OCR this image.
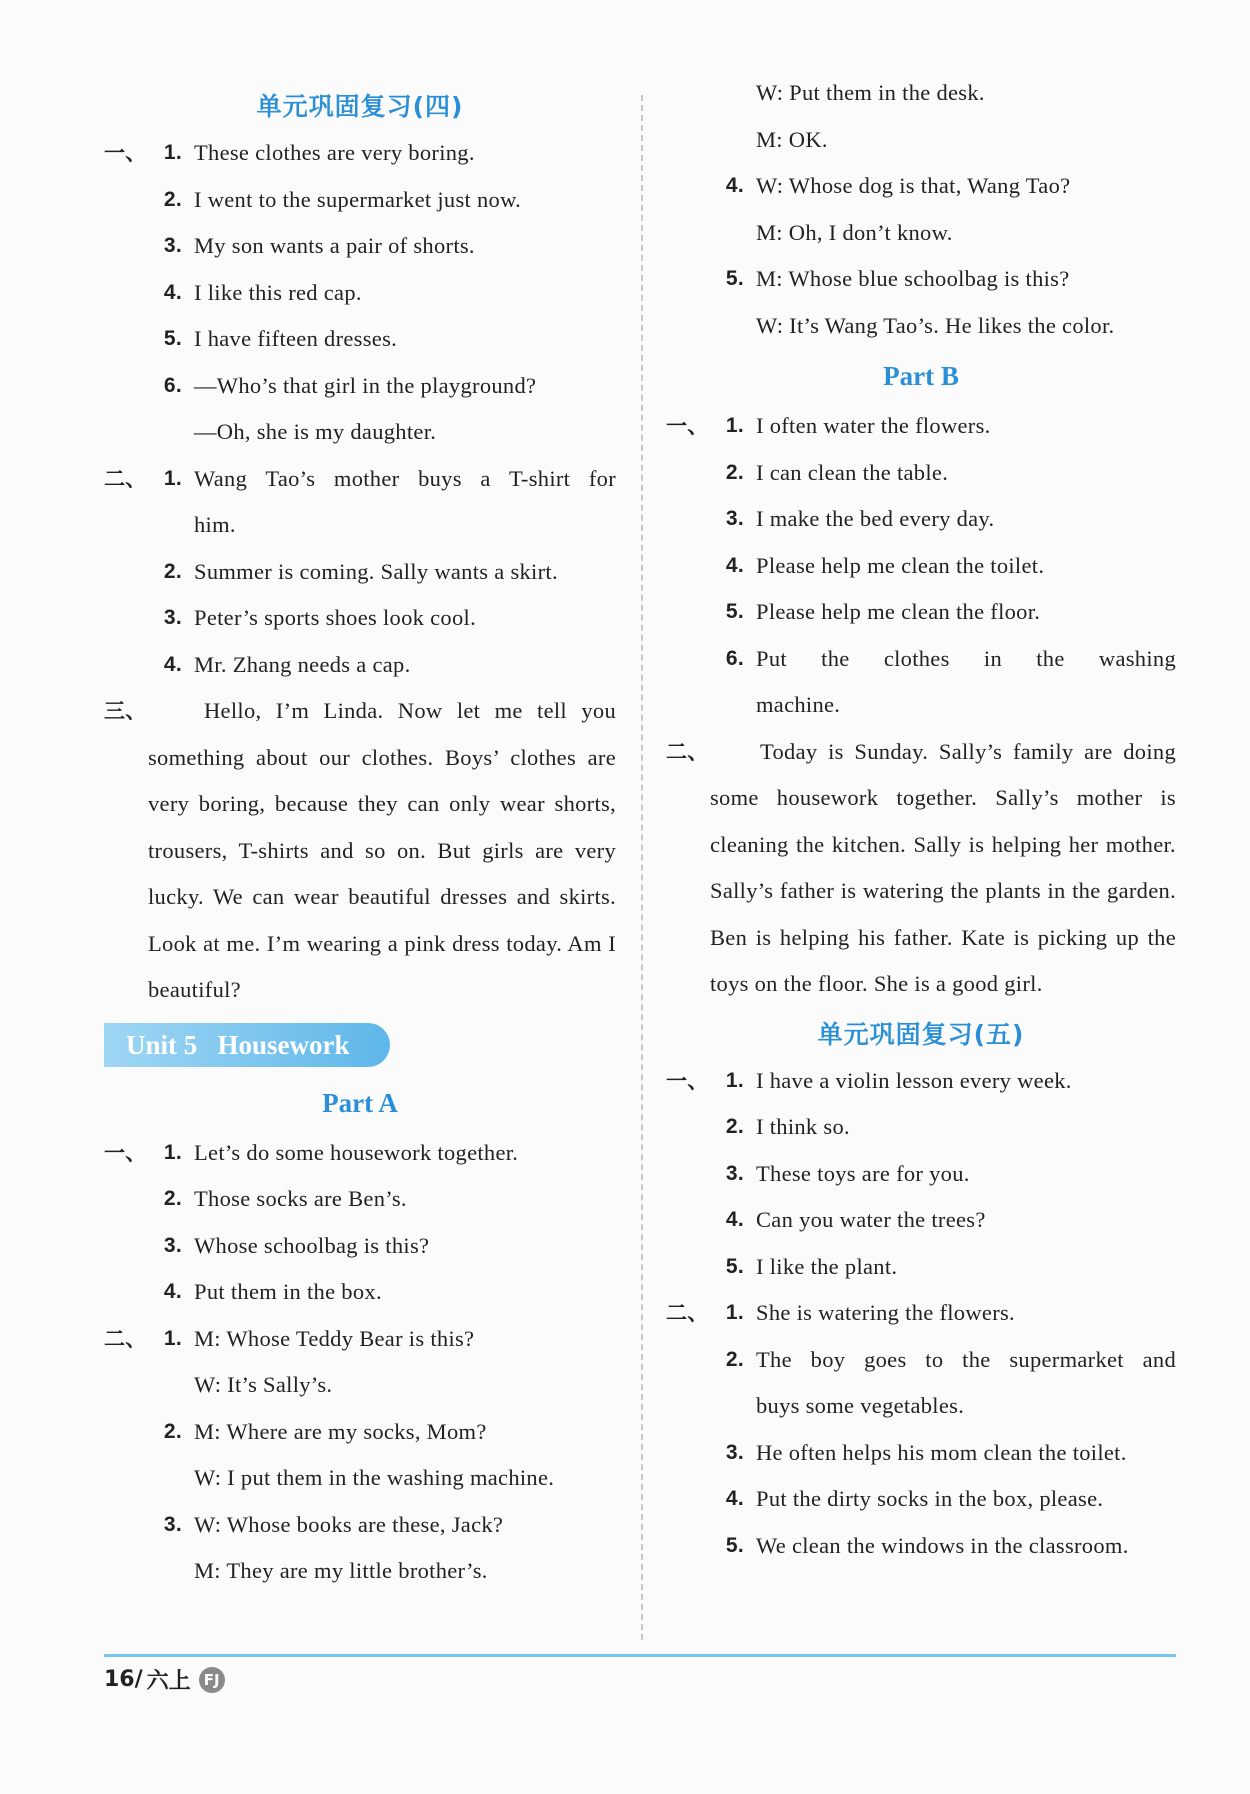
单元巩固复习(四)
一、 1. These clothes are very boring.
2. I went to the supermarket just now.
3. My son wants a pair of shorts.
4. I like this red cap.
5. I have fifteen dresses.
6. —Who’s that girl in the playground?
—Oh, she is my daughter.
二、 1. Wang Tao’s mother buys a T-shirt for
him.
2. Summer is coming. Sally wants a skirt.
3. Peter’s sports shoes look cool.
4. Mr. Zhang needs a cap.
三、	Hello, I’m Linda. Now let me tell you something about our clothes. Boys’ clothes are very boring, because they can only wear shorts, trousers, T-shirts and so on. But girls are very lucky. We can wear beautiful dresses and skirts. Look at me. I’m wearing a pink dress today. Am I beautiful?
Unit 5   Housework
Part A
一、 1. Let’s do some housework together.
2. Those socks are Ben’s.
3. Whose schoolbag is this?
4. Put them in the box.
二、 1. M: Whose Teddy Bear is this?
W: It’s Sally’s.
2. M: Where are my socks, Mom?
W: I put them in the washing machine.
3. W: Whose books are these, Jack?
M: They are my little brother’s.
W: Put them in the desk.
M: OK.
4. W: Whose dog is that, Wang Tao?
M: Oh, I don’t know.
5. M: Whose blue schoolbag is this?
W: It’s Wang Tao’s. He likes the color.
Part B
一、 1. I often water the flowers.
2. I can clean the table.
3. I make the bed every day.
4. Please help me clean the toilet.
5. Please help me clean the floor.
6. Put the clothes in the washing
machine.
二、	Today is Sunday. Sally’s family are doing some housework together. Sally’s mother is cleaning the kitchen. Sally is helping her mother. Sally’s father is watering the plants in the garden. Ben is helping his father. Kate is picking up the toys on the floor. She is a good girl.
单元巩固复习(五)
一、 1. I have a violin lesson every week.
2. I think so.
3. These toys are for you.
4. Can you water the trees?
5. I like the plant.
二、 1. She is watering the flowers.
2. The boy goes to the supermarket and
buys some vegetables.
3. He often helps his mom clean the toilet.
4. Put the dirty socks in the box, please.
5. We clean the windows in the classroom.
16/ 六上 FJ
